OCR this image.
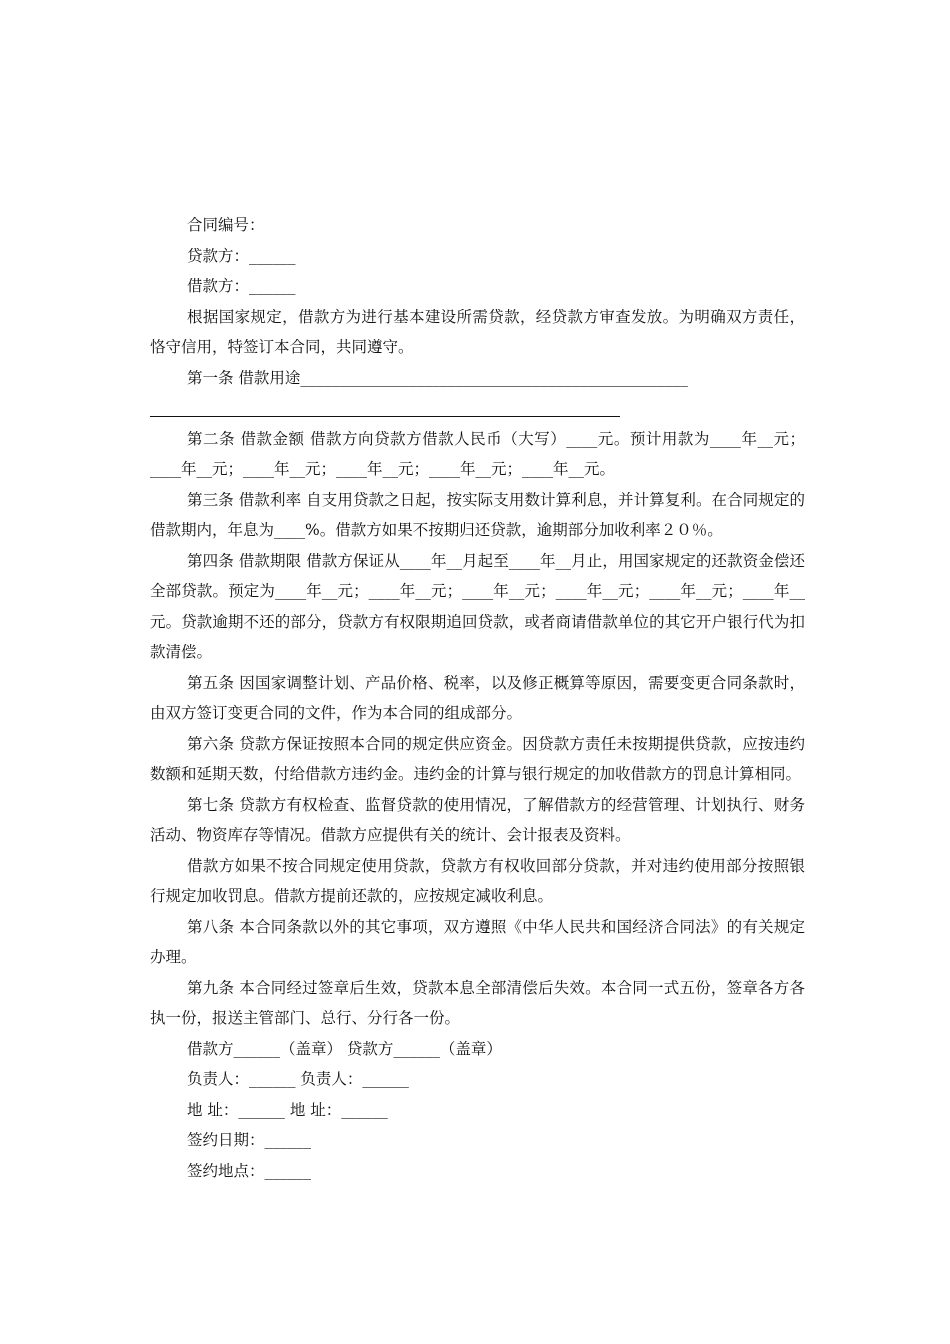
合同编号：

贷款方：______

借款方：______

根据国家规定，借款方为进行基本建设所需贷款，经贷款方审查发放。为明确双方责任，恪守信用，特签订本合同，共同遵守。

第一条 借款用途__________________________________________________

第二条 借款金额 借款方向贷款方借款人民币（大写）____元。预计用款为____年__元；____年__元；____年__元；____年__元；____年__元；____年__元。

第三条 借款利率 自支用贷款之日起，按实际支用数计算利息，并计算复利。在合同规定的借款期内，年息为____%。借款方如果不按期归还贷款，逾期部分加收利率２０％。

第四条 借款期限 借款方保证从____年__月起至____年__月止，用国家规定的还款资金偿还全部贷款。预定为____年__元；____年__元；____年__元；____年__元；____年__元；____年__元。贷款逾期不还的部分，贷款方有权限期追回贷款，或者商请借款单位的其它开户银行代为扣款清偿。

第五条 因国家调整计划、产品价格、税率，以及修正概算等原因，需要变更合同条款时，由双方签订变更合同的文件，作为本合同的组成部分。

第六条 贷款方保证按照本合同的规定供应资金。因贷款方责任未按期提供贷款，应按违约数额和延期天数，付给借款方违约金。违约金的计算与银行规定的加收借款方的罚息计算相同。

第七条 贷款方有权检查、监督贷款的使用情况，了解借款方的经营管理、计划执行、财务活动、物资库存等情况。借款方应提供有关的统计、会计报表及资料。

借款方如果不按合同规定使用贷款，贷款方有权收回部分贷款，并对违约使用部分按照银行规定加收罚息。借款方提前还款的，应按规定减收利息。

第八条 本合同条款以外的其它事项，双方遵照《中华人民共和国经济合同法》的有关规定办理。

第九条 本合同经过签章后生效，贷款本息全部清偿后失效。本合同一式五份，签章各方各执一份，报送主管部门、总行、分行各一份。

借款方______（盖章） 贷款方______（盖章）

负责人：______ 负责人：______

地 址：______ 地 址：______

签约日期：______

签约地点：______
